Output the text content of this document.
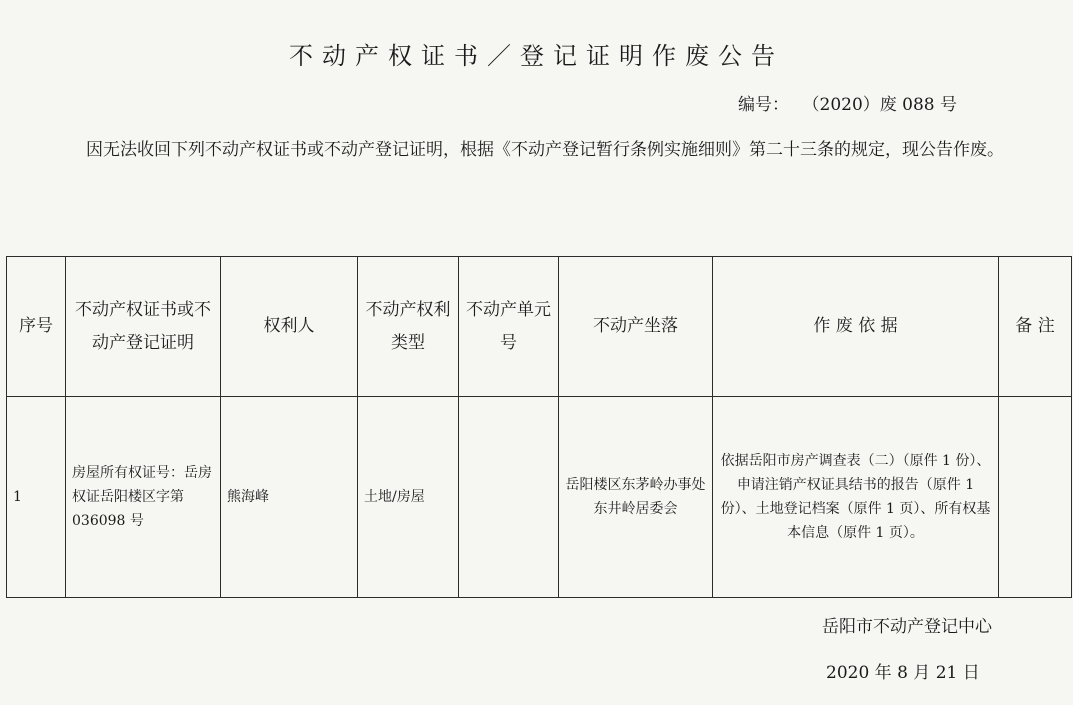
不动产权证书／登记证明作废公告
编号： （2020）废 088 号
因无法收回下列不动产权证书或不动产登记证明，根据《不动产登记暂行条例实施细则》第二十三条的规定，现公告作废。
序号	不动产权证书或不动产登记证明	权利人	不动产权利类型	不动产单元号	不动产坐落	作 废 依 据	备 注
1	房屋所有权证号：岳房权证岳阳楼区字第 036098 号	熊海峰	土地/房屋		岳阳楼区东茅岭办事处东井岭居委会	依据岳阳市房产调查表（二）（原件 1 份）、申请注销产权证具结书的报告（原件 1 份）、土地登记档案（原件 1 页）、所有权基本信息（原件 1 页）。	
岳阳市不动产登记中心
2020 年 8 月 21 日
